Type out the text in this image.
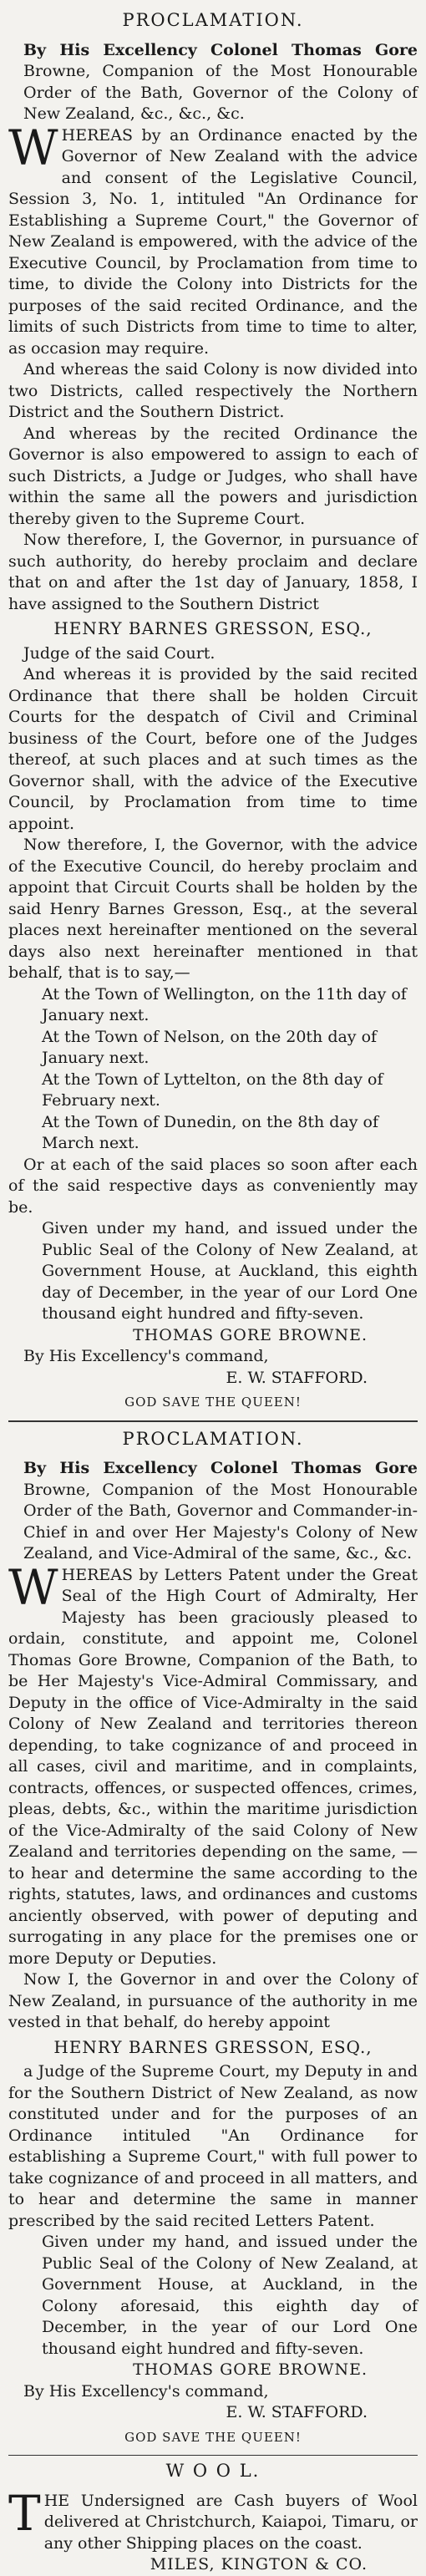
PROCLAMATION.

By His Excellency Colonel Thomas Gore Browne, Companion of the Most Honourable Order of the Bath, Governor of the Colony of New Zealand, &c., &c., &c.

WHEREAS by an Ordinance enacted by the Governor of New Zealand with the advice and consent of the Legislative Council, Session 3, No. 1, intituled "An Ordinance for Establishing a Supreme Court," the Governor of New Zealand is empowered, with the advice of the Executive Council, by Proclamation from time to time, to divide the Colony into Districts for the purposes of the said recited Ordinance, and the limits of such Districts from time to time to alter, as occasion may require.

And whereas the said Colony is now divided into two Districts, called respectively the Northern District and the Southern District.

And whereas by the recited Ordinance the Governor is also empowered to assign to each of such Districts, a Judge or Judges, who shall have within the same all the powers and jurisdiction thereby given to the Supreme Court.

Now therefore, I, the Governor, in pursuance of such authority, do hereby proclaim and declare that on and after the 1st day of January, 1858, I have assigned to the Southern District

HENRY BARNES GRESSON, ESQ.,

Judge of the said Court.

And whereas it is provided by the said recited Ordinance that there shall be holden Circuit Courts for the despatch of Civil and Criminal business of the Court, before one of the Judges thereof, at such places and at such times as the Governor shall, with the advice of the Executive Council, by Proclamation from time to time appoint.

Now therefore, I, the Governor, with the advice of the Executive Council, do hereby proclaim and appoint that Circuit Courts shall be holden by the said Henry Barnes Gresson, Esq., at the several places next hereinafter mentioned on the several days also next hereinafter mentioned in that behalf, that is to say,—

At the Town of Wellington, on the 11th day of January next.

At the Town of Nelson, on the 20th day of January next.

At the Town of Lyttelton, on the 8th day of February next.

At the Town of Dunedin, on the 8th day of March next.

Or at each of the said places so soon after each of the said respective days as conveniently may be.

Given under my hand, and issued under the Public Seal of the Colony of New Zealand, at Government House, at Auckland, this eighth day of December, in the year of our Lord One thousand eight hundred and fifty-seven.

THOMAS GORE BROWNE.

By His Excellency's command,

E. W. STAFFORD.

GOD SAVE THE QUEEN!
PROCLAMATION.

By His Excellency Colonel Thomas Gore Browne, Companion of the Most Honourable Order of the Bath, Governor and Commander-in-Chief in and over Her Majesty's Colony of New Zealand, and Vice-Admiral of the same, &c., &c.

WHEREAS by Letters Patent under the Great Seal of the High Court of Admiralty, Her Majesty has been graciously pleased to ordain, constitute, and appoint me, Colonel Thomas Gore Browne, Companion of the Bath, to be Her Majesty's Vice-Admiral Commissary, and Deputy in the office of Vice-Admiralty in the said Colony of New Zealand and territories thereon depending, to take cognizance of and proceed in all cases, civil and maritime, and in complaints, contracts, offences, or suspected offences, crimes, pleas, debts, &c., within the maritime jurisdiction of the Vice-Admiralty of the said Colony of New Zealand and territories depending on the same, —to hear and determine the same according to the rights, statutes, laws, and ordinances and customs anciently observed, with power of deputing and surrogating in any place for the premises one or more Deputy or Deputies.

Now I, the Governor in and over the Colony of New Zealand, in pursuance of the authority in me vested in that behalf, do hereby appoint

HENRY BARNES GRESSON, ESQ.,

a Judge of the Supreme Court, my Deputy in and for the Southern District of New Zealand, as now constituted under and for the purposes of an Ordinance intituled "An Ordinance for establishing a Supreme Court," with full power to take cognizance of and proceed in all matters, and to hear and determine the same in manner prescribed by the said recited Letters Patent.

Given under my hand, and issued under the Public Seal of the Colony of New Zealand, at Government House, at Auckland, in the Colony aforesaid, this eighth day of December, in the year of our Lord One thousand eight hundred and fifty-seven.

THOMAS GORE BROWNE.

By His Excellency's command,

E. W. STAFFORD.

GOD SAVE THE QUEEN!
W O O L.

THE Undersigned are Cash buyers of Wool delivered at Christchurch, Kaiapoi, Timaru, or any other Shipping places on the coast.

MILES, KINGTON & CO.
